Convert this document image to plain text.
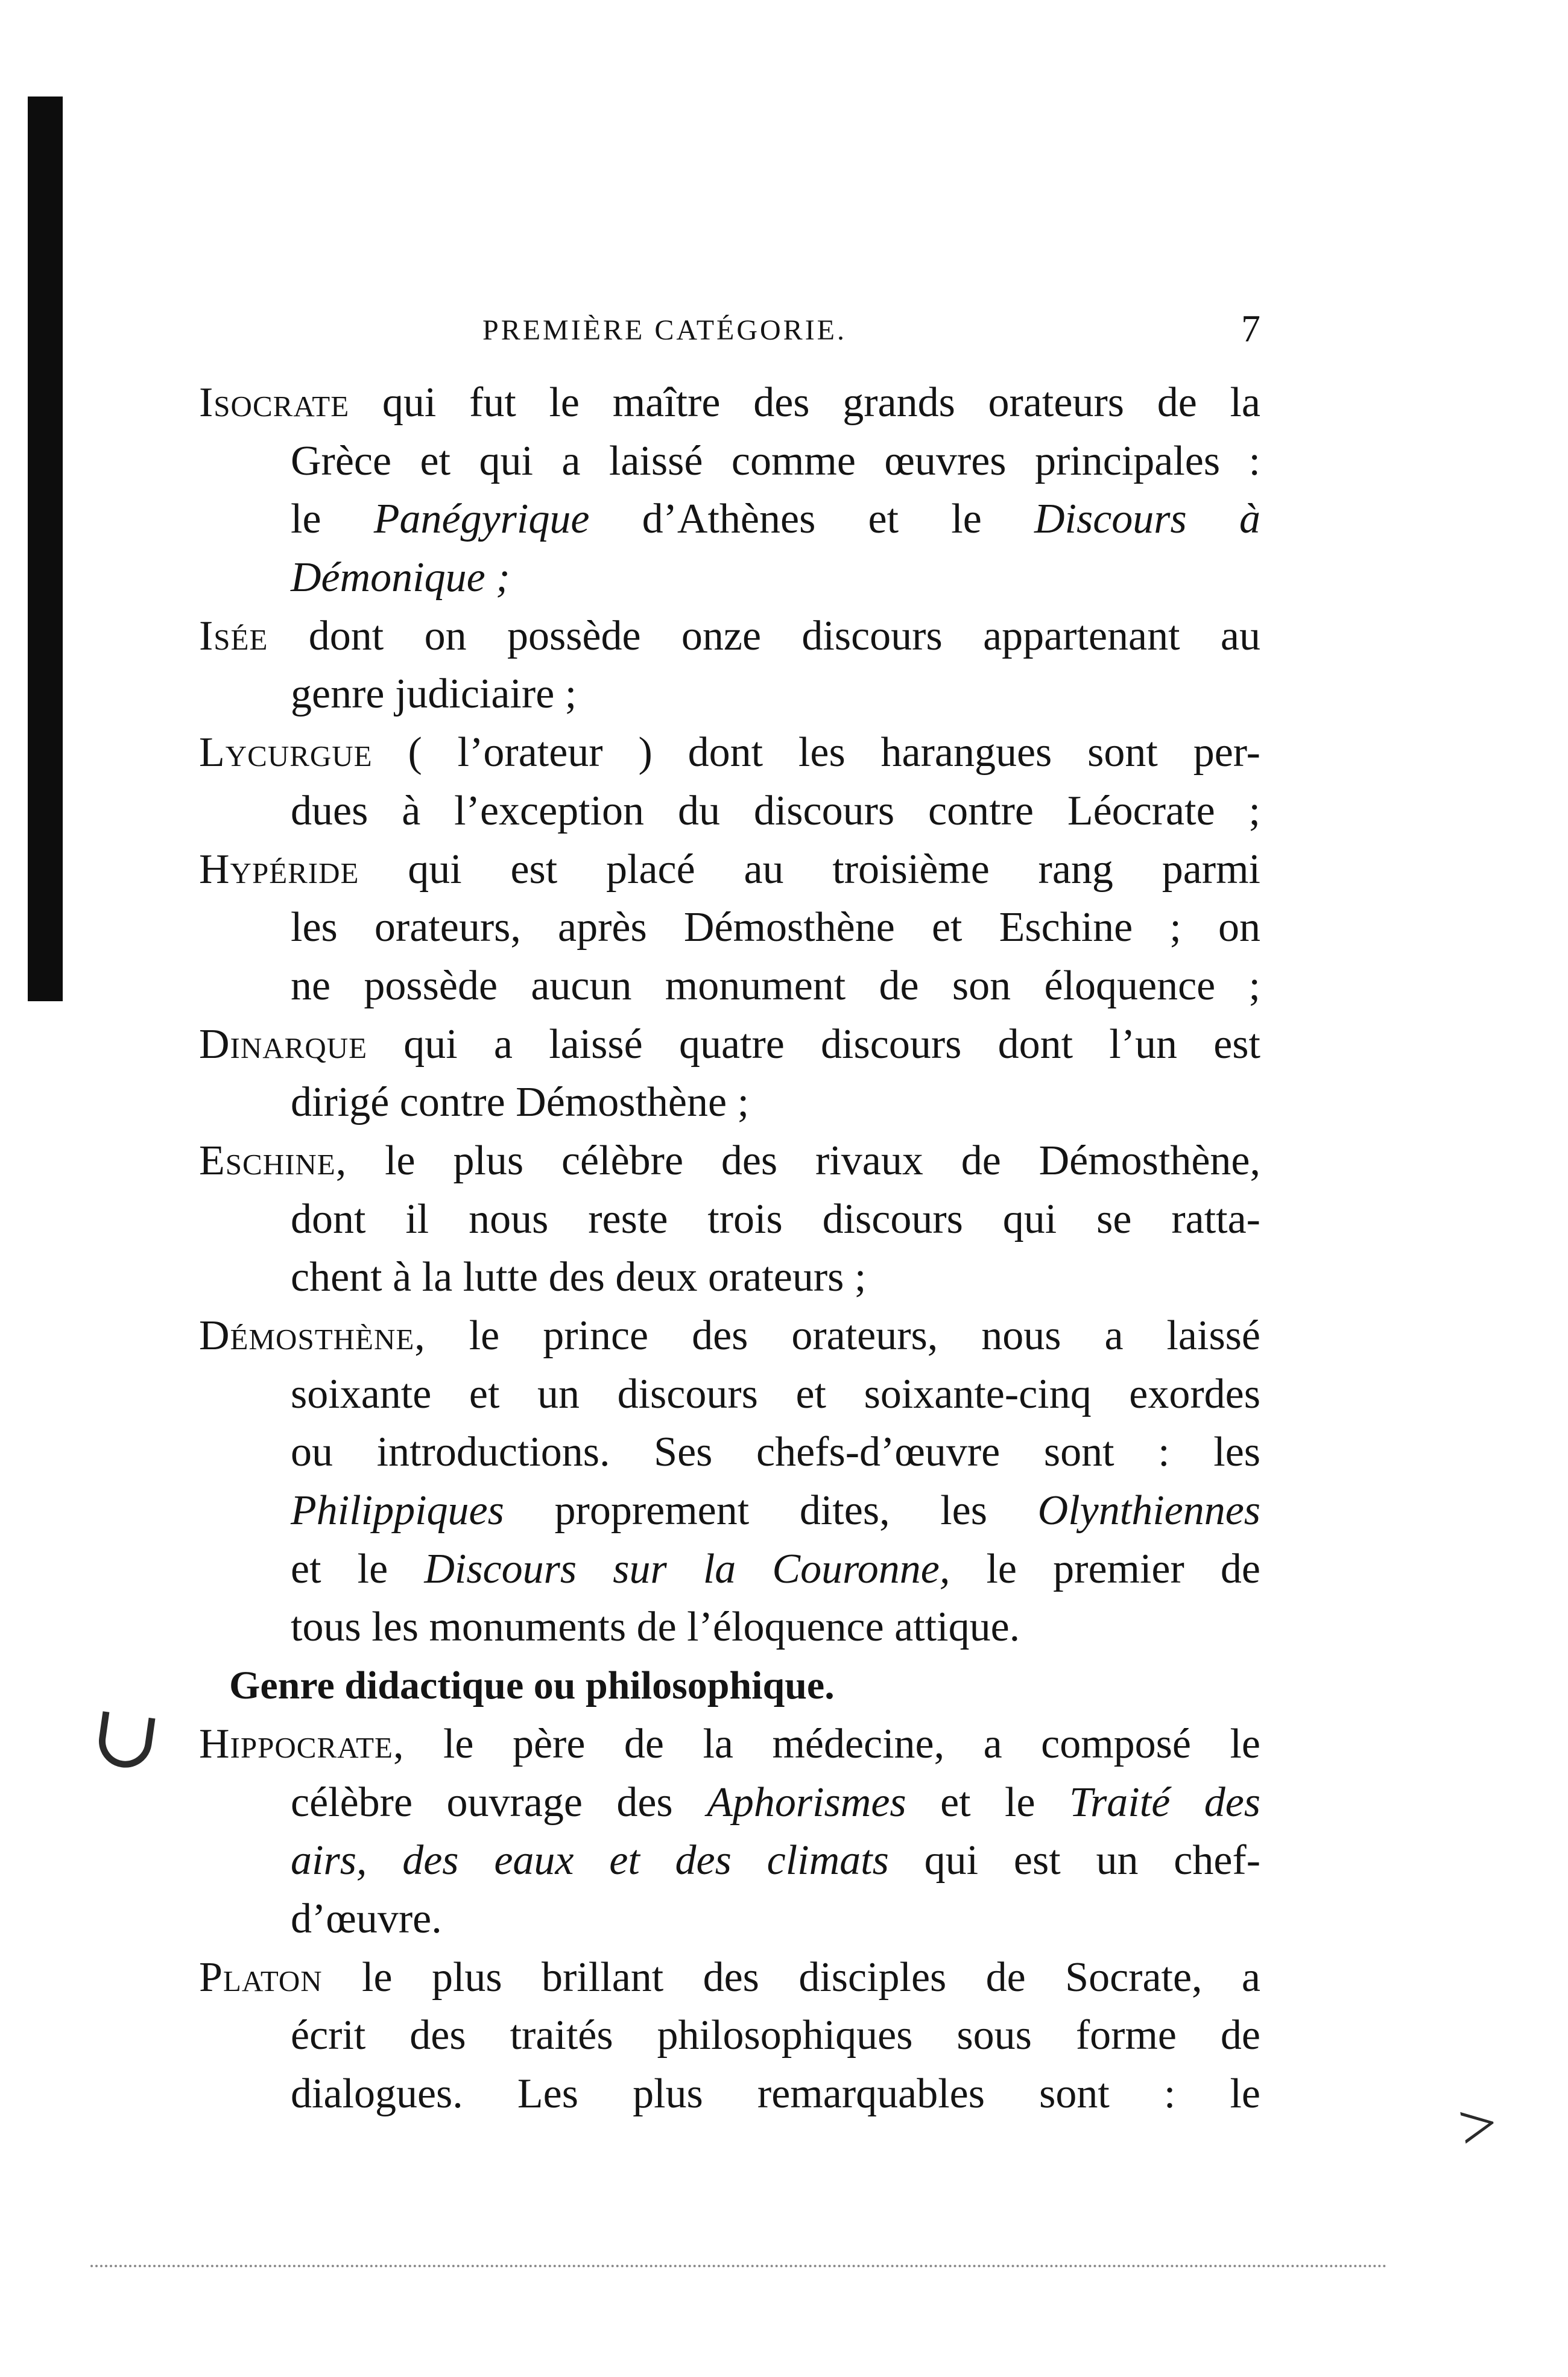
PREMIÈRE CATÉGORIE.	7
Isocrate qui fut le maître des grands orateurs de la
Grèce et qui a laissé comme œuvres principales :
le Panégyrique d’Athènes et le Discours à
Démonique ;
Isée dont on possède onze discours appartenant au
genre judiciaire ;
Lycurgue ( l’orateur ) dont les harangues sont per-
dues à l’exception du discours contre Léocrate ;
Hypéride qui est placé au troisième rang parmi
les orateurs, après Démosthène et Eschine ; on
ne possède aucun monument de son éloquence ;
Dinarque qui a laissé quatre discours dont l’un est
dirigé contre Démosthène ;
Eschine, le plus célèbre des rivaux de Démosthène,
dont il nous reste trois discours qui se ratta-
chent à la lutte des deux orateurs ;
Démosthène, le prince des orateurs, nous a laissé
soixante et un discours et soixante-cinq exordes
ou introductions. Ses chefs-d’œuvre sont : les
Philippiques proprement dites, les Olynthiennes
et le Discours sur la Couronne, le premier de
tous les monuments de l’éloquence attique.
Genre didactique ou philosophique.
Hippocrate, le père de la médecine, a composé le
célèbre ouvrage des Aphorismes et le Traité des
airs, des eaux et des climats qui est un chef-
d’œuvre.
Platon le plus brillant des disciples de Socrate, a
écrit des traités philosophiques sous forme de
dialogues. Les plus remarquables sont : le	>
∪
